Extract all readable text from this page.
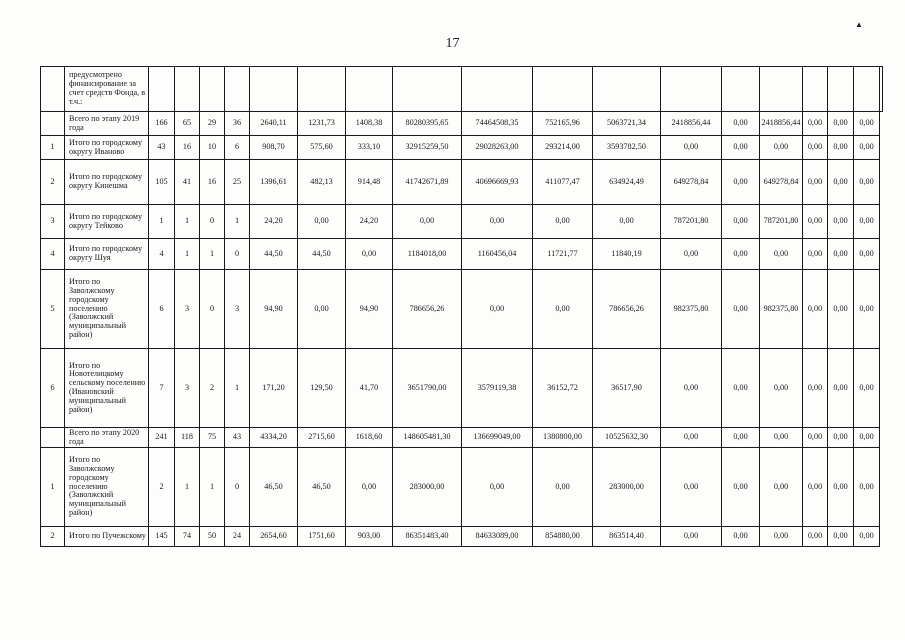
17
▲
	предусмотрено финансирование за счет средств Фонда, в т.ч.:																		
	Всего по этапу 2019 года	166	65	29	36	2640,11	1231,73	1408,38	80280395,65	74464508,35	752165,96	5063721,34	2418856,44	0,00	2418856,44	0,00	0,00	0,00	
1	Итого по городскому округу Иваново	43	16	10	6	908,70	575,60	333,10	32915259,50	29028263,00	293214,00	3593782,50	0,00	0,00	0,00	0,00	0,00	0,00	
2	Итого по городскому округу Кинешма	105	41	16	25	1396,61	482,13	914,48	41742671,89	40696669,93	411077,47	634924,49	649278,84	0,00	649278,84	0,00	0,00	0,00	
3	Итого по городскому округу Тейково	1	1	0	1	24,20	0,00	24,20	0,00	0,00	0,00	0,00	787201,80	0,00	787201,80	0,00	0,00	0,00	
4	Итого по городскому округу Шуя	4	1	1	0	44,50	44,50	0,00	1184018,00	1160456,04	11721,77	11840,19	0,00	0,00	0,00	0,00	0,00	0,00	
5	Итого по Заволжскому городскому поселению (Заволжский муниципальный район)	6	3	0	3	94,90	0,00	94,90	786656,26	0,00	0,00	786656,26	982375,80	0,00	982375,80	0,00	0,00	0,00	
6	Итого по Новотелицкому сельскому поселению (Ивановский муниципальный район)	7	3	2	1	171,20	129,50	41,70	3651790,00	3579119,38	36152,72	36517,90	0,00	0,00	0,00	0,00	0,00	0,00	
	Всего по этапу 2020 года	241	118	75	43	4334,20	2715,60	1618,60	148605481,30	136699049,00	1380800,00	10525632,30	0,00	0,00	0,00	0,00	0,00	0,00	
1	Итого по Заволжскому городскому поселению (Заволжский муниципальный район)	2	1	1	0	46,50	46,50	0,00	283000,00	0,00	0,00	283000,00	0,00	0,00	0,00	0,00	0,00	0,00	
2	Итого по Пучежскому	145	74	50	24	2654,60	1751,60	903,00	86351483,40	84633089,00	854880,00	863514,40	0,00	0,00	0,00	0,00	0,00	0,00	
